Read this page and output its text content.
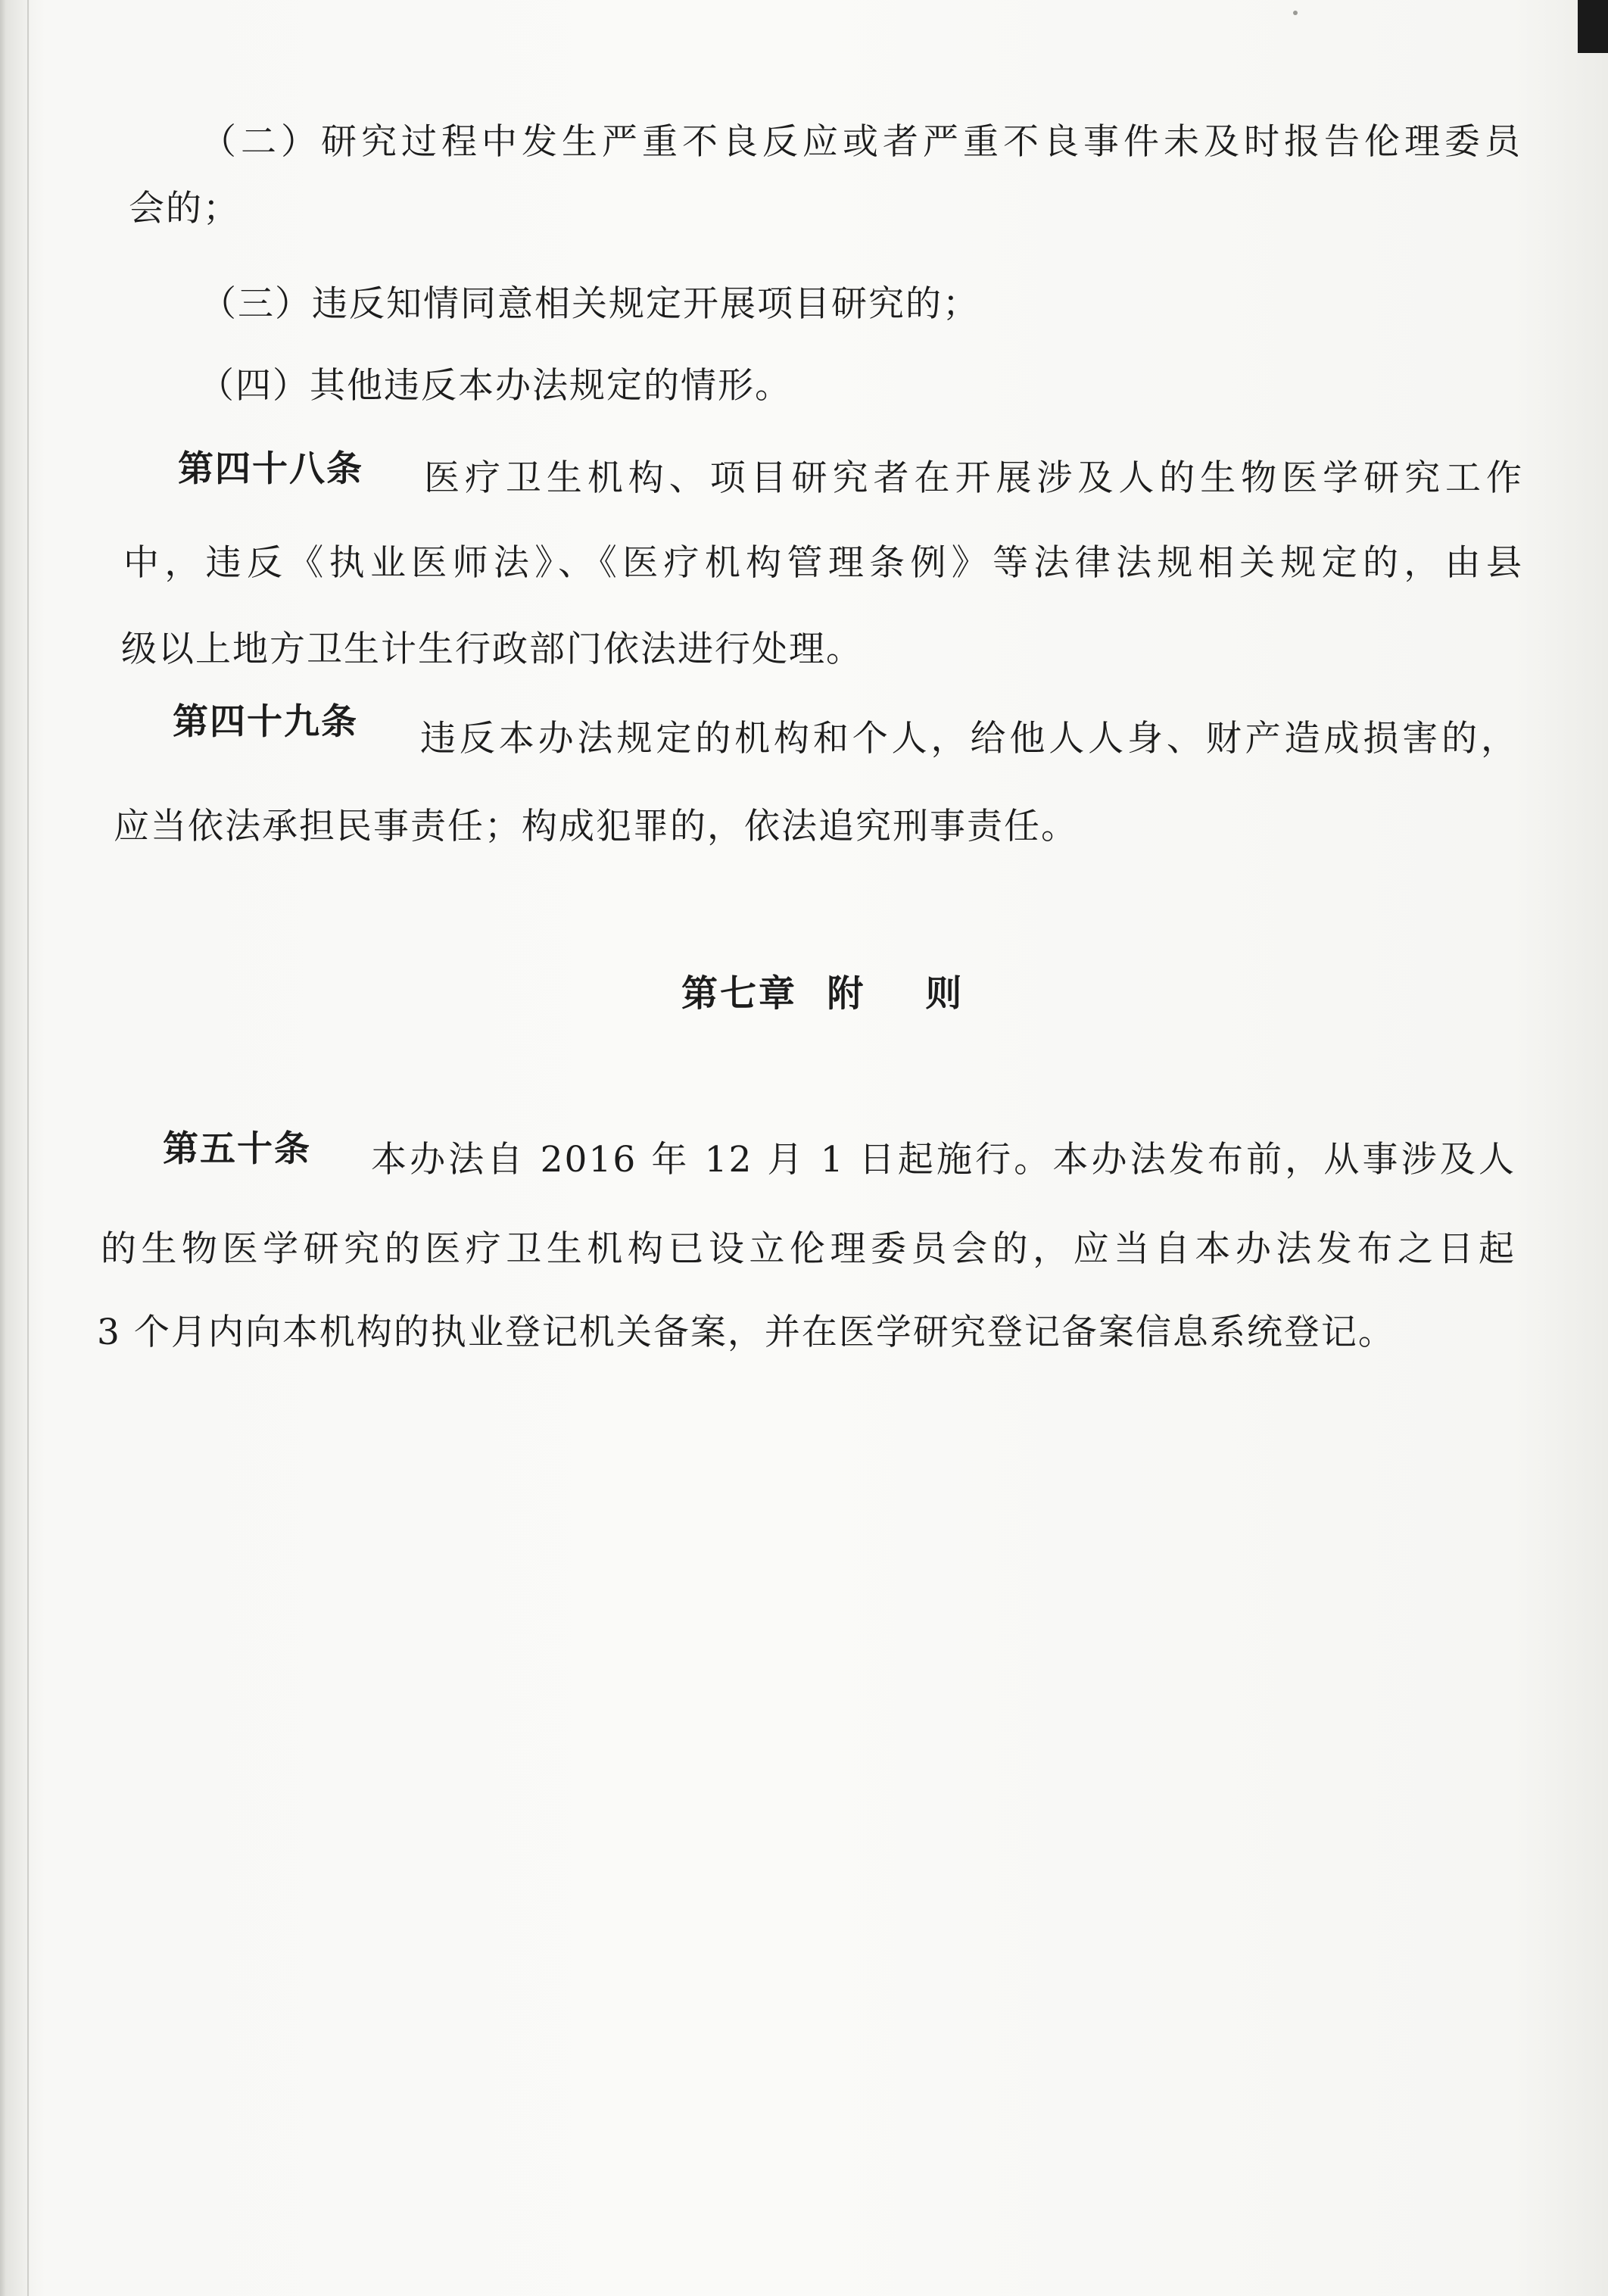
（二）研究过程中发生严重不良反应或者严重不良事件未及时报告伦理委员
会的；
（三）违反知情同意相关规定开展项目研究的；
（四）其他违反本办法规定的情形。
第四十八条 医疗卫生机构、项目研究者在开展涉及人的生物医学研究工作
中，违反《执业医师法》、《医疗机构管理条例》等法律法规相关规定的，由县
级以上地方卫生计生行政部门依法进行处理。
第四十九条 违反本办法规定的机构和个人，给他人人身、财产造成损害的，
应当依法承担民事责任；构成犯罪的，依法追究刑事责任。
第七章  附    则
第五十条 本办法自 2016 年 12 月 1 日起施行。本办法发布前，从事涉及人
的生物医学研究的医疗卫生机构已设立伦理委员会的，应当自本办法发布之日起
3 个月内向本机构的执业登记机关备案，并在医学研究登记备案信息系统登记。
